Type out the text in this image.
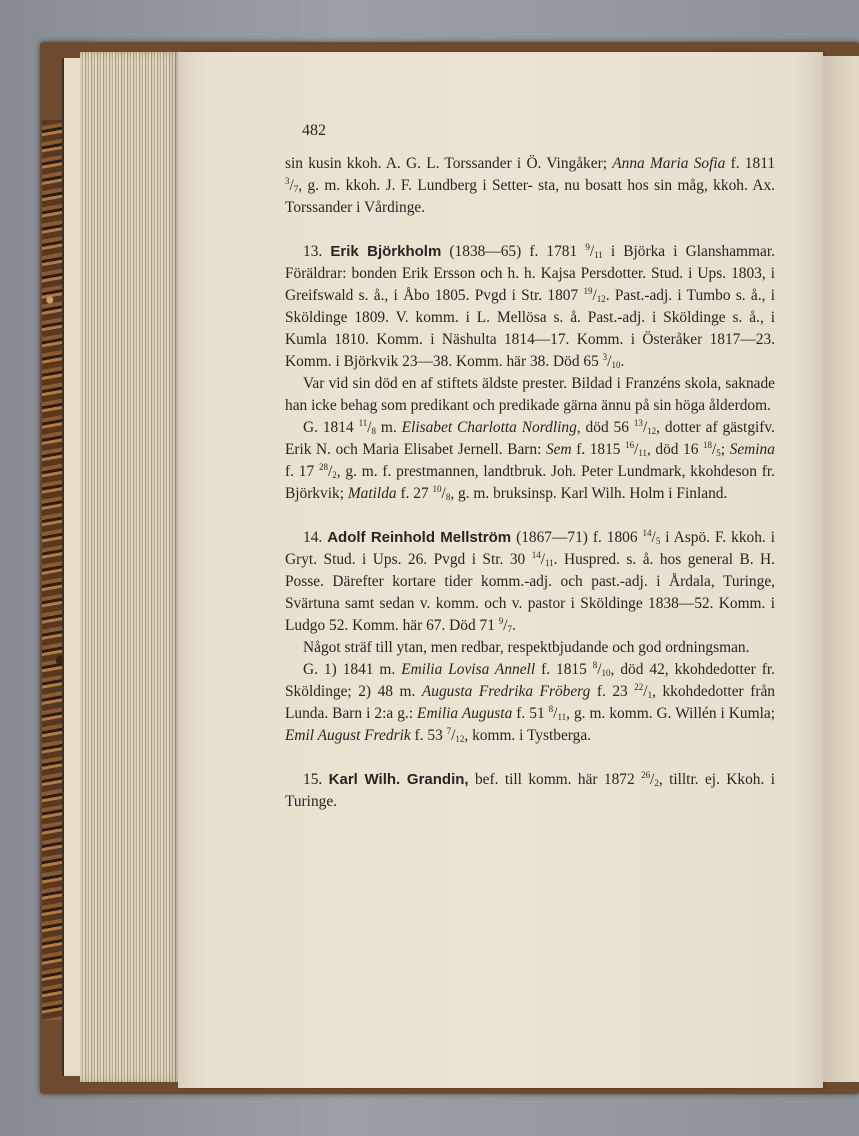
482

sin kusin kkoh. A. G. L. Torssander i Ö. Vingåker; Anna Maria Sofia f. 1811 $^3/_7$, g. m. kkoh. J. F. Lundberg i Setter- sta, nu bosatt hos sin måg, kkoh. Ax. Torssander i Vårdinge.

13. Erik Björkholm (1838—65) f. 1781 $^9/_{11}$ i Björka i Glanshammar. Föräldrar: bonden Erik Ersson och h. h. Kajsa Persdotter. Stud. i Ups. 1803, i Greifswald s. å., i Åbo 1805. Pvgd i Str. 1807 $^{19}/_{12}$. Past.-adj. i Tumbo s. å., i Sköldinge 1809. V. komm. i L. Mellösa s. å. Past.-adj. i Sköldinge s. å., i Kumla 1810. Komm. i Näshulta 1814—17. Komm. i Österåker 1817—23. Komm. i Björkvik 23—38. Komm. här 38. Död 65 $^3/_{10}$.

Var vid sin död en af stiftets äldste prester. Bildad i Franzéns skola, saknade han icke behag som predikant och predikade gärna ännu på sin höga ålderdom.

G. 1814 $^{11}/_8$ m. Elisabet Charlotta Nordling, död 56 $^{13}/_{12}$, dotter af gästgifv. Erik N. och Maria Elisabet Jernell. Barn: Sem f. 1815 $^{16}/_{11}$, död 16 $^{18}/_5$; Semina f. 17 $^{28}/_2$, g. m. f. prestmannen, landtbruk. Joh. Peter Lundmark, kkohdeson fr. Björkvik; Matilda f. 27 $^{10}/_8$, g. m. bruksinsp. Karl Wilh. Holm i Finland.

14. Adolf Reinhold Mellström (1867—71) f. 1806 $^{14}/_5$ i Aspö. F. kkoh. i Gryt. Stud. i Ups. 26. Pvgd i Str. 30 $^{14}/_{11}$. Huspred. s. å. hos general B. H. Posse. Därefter kortare tider komm.-adj. och past.-adj. i Årdala, Turinge, Svärtuna samt sedan v. komm. och v. pastor i Sköldinge 1838—52. Komm. i Ludgo 52. Komm. här 67. Död 71 $^9/_7$.

Något sträf till ytan, men redbar, respektbjudande och god ordningsman.

G. 1) 1841 m. Emilia Lovisa Annell f. 1815 $^8/_{10}$, död 42, kkohdedotter fr. Sköldinge; 2) 48 m. Augusta Fredrika Fröberg f. 23 $^{22}/_1$, kkohdedotter från Lunda. Barn i 2:a g.: Emilia Augusta f. 51 $^8/_{11}$, g. m. komm. G. Willén i Kumla; Emil August Fredrik f. 53 $^7/_{12}$, komm. i Tystberga.

15. Karl Wilh. Grandin, bef. till komm. här 1872 $^{26}/_2$, tilltr. ej. Kkoh. i Turinge.
